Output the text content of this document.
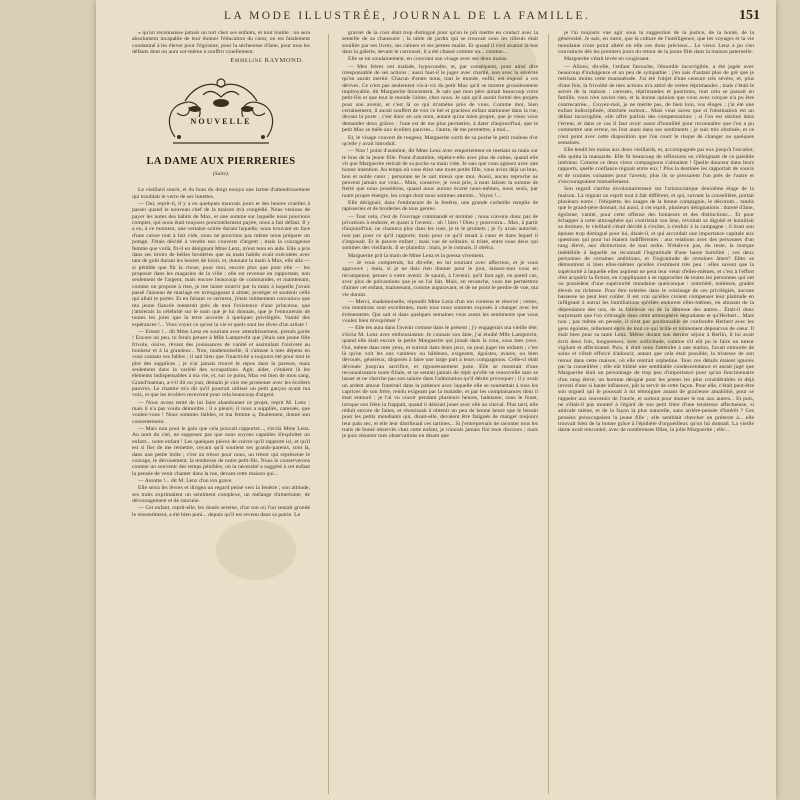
LA MODE ILLUSTRÉE, JOURNAL DE LA FAMILLE.	151

« qu'on reconnaisse jamais un tort chez ses enfants, et tout inutile : on sera absolument incapable de leur donner l'éducation du cœur, on est fatalement condamné à les élever pour l'égoïsme, pour la sécheresse d'âme, pour tous les défauts dont on aura soi-même à souffrir cruellement.

Emmeline RAYMOND.
NOUVELLE
LA DAME AUX PIERRERIES
(Suite).

Le vieillard sourit, et du bout du doigt essuya une larme d'attendrissement qui troublait le verre de ses lunettes.

— Oui, reprit-il, il y a eu quelques mauvais jours et des heures cruelles à passer quand le nouveau chef de la maison m'a congédié. Nous venions de payer les notes des habits de Max, et une somme sur laquelle nous pouvions compter, qui nous était toujours ponctuellement payée, nous a fait défaut. Il y a eu, à ce moment, une certaine soirée durant laquelle, nous trouvant en face d'une caisse tout à fait vide, nous ne pouvions pas même nous préparer un potage. J'étais décidé à vendre nos couverts d'argent ; mais la courageuse femme que voilà, fit-il en désignant Mme Lenz, m'eut tenu en aide. Elle a pris dans ses tiroirs de belles broderies que sa main habile avait exécutées avec tant de goût durant les heures de loisir, et, donnant la main à Max, elle alla — si pénible que fût la chose, pour moi, encore plus que pour elle — les proposer dans les magasins de la ville ; elle est revenue en rapportant, non seulement de l'argent, mais encore beaucoup de commandes, et maintenant, comme on propose à rien, je me laisse nourrir par la main à laquelle j'avais passé l'anneau de mariage en m'engageant à aimer, protéger et soutenir celle qui allait le porter. Et en faisant ce serment, j'étais intimement convaincu que ma jeune fiancée menerait près de moi l'existence d'une princesse, que j'attirerais la célébrité sur le nom que je lui donnais, que je l'entourerais de toutes les joies que la terre accorde à quelques privilégiés. Vanité des espérances !... Vous voyez ce qu'est la vie et quels sont les rêves d'un artiste !

— Ernest !... dit Mme Lenz en souriant avec attendrissement, prends garde ! Encore un peu, tu ferais penser à Mlle Lamprecht que j'étais une jeune fille frivole, oisive, rêvant des jouissances de vanité et assimilant l'oisiveté au bonheur et à la grandeur... Non, mademoiselle, il s'amuse à mes dépens en vous contant ces fables ; il sait bien que l'inactivité a toujours été pour moi le pire des supplices ; je n'ai jamais trouvé le repos dans la paresse, mais seulement dans la variété des occupations. Agir, aider, c'étaient là les éléments indispensables à ma vie, et, sur ce point, Max est bien de mon sang. Grand'maman, a-t-il dit ou jour, demain je vais me promener avec les écoliers pauvres. Le chantre m'a dit qu'il pourrait utiliser un petit garçon ayant ma voix, et que les écoliers recevront pour cela beaucoup d'argent.

— Nous avons tenté de lui faire abandonner ce projet, reprit M. Lenz ; mais il n'a pas voulu démordre ; il a pleuré, il nous a suppliés, caressés, que voulez-vous ! Nous sommes faibles, et ma femme a, finalement, donné son consentement.

— Mais non pour le gain que cela pouvait rapporter..., s'écria Mme Lenz. Au nom du ciel, ne supposez pas que nous soyons capables d'exploiter un enfant... notre enfant ! Les quelques pièces de cuivre qu'il rapporte ici, et qu'il est si fier de me remettre, ceyant qu'il soutient ses grands-parents, sont là, dans une petite boîte ; c'est un trésor pour nous, un trésor qui représente le courage, le dévouement, la tendresse de notre petit-fils. Nous le conserverons comme un souvenir des temps pénibles, où la nécessité a suggéré à cet enfant la pensée de venir chanter dans la rue, devant cette maison qui...

— Assotte !... dit M. Lenz d'un ton grave.

Elle serra les lèvres et dirigea un regard peiné vers la fenêtre ; son attitude, ses traits exprimaient un sentiment complexe, un mélange d'amertume, de découragement et de rancune.

— Cet enfant, reprit-elle, les doués sereine, d'un ton où l'on sentait grondé le ressentiment, a été bien puni... depuis qu'il est revenu dans sa patrie. Le

gravier de la cour était trop distingué pour qu'on le pût mettre en contact avec la semelle de sa chaussure ; la table de jardin qui se trouvait sous les tilleuls était souillée par ses livres, ses cahiers et ses petites mains. Et quand il s'est avancé là-bas dans la galerie, devant le carrousel, il a été chassé comme un... comme...

Elle se tut soudainement, en couvrant son visage avec ses deux mains.

— Mes frères ont malade, hypocondre, et, par conséquent, pour ainsi dire irresponsable de ses actions ; aussi faut-il le juger avec charité, non avec la sévérité qu'on aurait mérité. Chacun d'entre nous, tout le monde, enfin, est exposé à ces dérives. Ce n'est pas seulement vis-à-vis du petit Max qu'il se montre grossièrement impitoyable, dit Marguerite doucement. Je sais que mon père aimait beaucoup votre petit-fils et que tout le monde l'aime, chez nous. Je sais qu'il aurait formé des projets pour son avenir, et c'est là ce qui m'amène près de vous. Comme moi, bien certainement, il aurait souffert de voir ce bel et gracieux enfant stationner dans la rue, devant la porte ; c'est donc en son nom, autant qu'au mien propre, que je viens vous demander deux grâces : l'une est de me plus permettre, à dater d'aujourd'hui, que le petit Max se mêle aux écoliers pauvres... l'autre, de me permettre, à moi...

Et, le visage couvert de rougeur, Marguerite sortit de sa poche le petit rouleau d'or qu'elle y avait introduit.

— Non ! point d'aumône, dit Mme Lenz avec emportement en mettant sa main sur le bras de la jeune fille. Point d'aumône, répéta-t-elle avec plus de calme, quand elle vit que Marguerite retirait de sa poche sa main vide. Je sais que vous agissez avec une bonne intention. Au temps où vous étiez une toute petite fille, vous aviez déjà un bras, bon et noble cœur ; personne ne le sait mieux que moi. Aussi, aucun reproche ne peuvent jamais sur vous... Mais, conserve, je vous prie, à nous laisser la somme de fierté que nous possédons, quand nous aurons écarté nous-mêmes, nous seuls, par notre propre énergie, les coups dont nous sommes atteints... Voyez !...

Elle désignait, dans l'embrasure de la fenêtre, une grande corbeille remplie de tapisseries et de broderies de tous genres.

— Tout cela, c'est de l'ouvrage commandé et terminé ; nous n'avons donc pas de privations à endurer, et quant à l'avenir... oh ! bien ! Dieu y pourvoira... Max, à partir d'aujourd'hui, ne chantera plus dans les rues, je te le promets ; je l'y avais autorisé, non pas pour ce qu'il rapporte, mais pour ce qu'il tenait à cœur et dans lequel il s'imposait. Et le pauvre enfant ; mais vue de solitaire, si triste, entre nous deux qui sommes des vieillards. Il se plaindra : mais, je le connais, il obéira.

Marguerite prit la main de Mme Lenz et la pressa vivement.

— Je vous comprends, lui dit-elle, en lui souriant avec affection, et je vous approuve ; mais, si je ne dois rien donner pour le jour, laissez-moi vous en récompense, penser à votre avenir. Je saurai, à l'avenir, qu'il faut agir, en pareil cas, avec plus de précautions que je ne l'ai fait. Mais, en revanche, vous me permettrez d'aimer cet enfant, maintenant, comme auparavant, et de ne point le perdre de vue, ma vie durant.

— Merci, mademoiselle, répondit Mme Lenz d'un ton contenu et réservé ; certes, vos intentions sont excellentes, mais tous nous sommes exposés à changer avec les évènements. Qui sait si dans quelques semaines vous aurez les sentiments que vous voulez bien m'exprimer ?

— Elle les aura dans l'avenir comme dans le présent ; j'y engagerais ma vieille tête, s'écria M. Lenz avec enthousiasme. Je connais son âme, j'ai étudié Mlle Lamprecht, quand elle était encore la petite Marguerite qui jouait dans la cour, sous mes yeux. Oui, même dans mes yeux, et surtout dans leurs jeux, on peut juger les enfants ; c'est là qu'on voit les uns vaniteux ou hâbleurs, exigeants, égoïstes, avares, ou bien dévoués, généreux, disposés à faire une large part à leurs compagnons. Celle-ci était dévouée jusqu'au sacrifice, et rigoureusement juste. Elle se montrait d'une reconnaissance toute filiale, et ne sentait jamais de répit qu'elle ne renouvelle sans se lasser et ne cherche pas son salaire dans l'admiration qu'il désire provoquer ; il y avait un ardent amour fraternel dans la patience avec laquelle elle se soumettait à tous les caprices de son frère, rendu exigeant par la maladie, et par les complaisances dont il était entouré ; je l'ai vu courir pendant plusieurs heures, haletante, sous le fouet, lorsque son frère la frappait, quand il désirait jouer avec elle au cheval. Plus tard, elle réduit encore de faites, et réussissait à obtenir un peu de bonne heure que le besoin pour les petits mendiants qui, disait-elle, devaient être fatigués de manger toujours leur pain sec, et elle leur distribuait ces tartines... Si j'entreprenais de raconter tous les traits de bonté observés chez cette enfant, je n'aurais jamais fini mon discours ; mais je puis résumer mes observations en disant que

je l'ai toujours vue agir sous la suggestion de la justice, de la bonté, de la générosité. Je sais, en outre, que la culture de l'intelligence, que les voyages et la vie mondaine n'ont point altéré en elle ces dons précieux... Le vieux Lenz a pu s'en convaincre dès les premiers jours du retour de la jeune fille dans la maison paternelle.

Marguerite s'était levée en rougissant.

— Allons, dit-elle, l'enfant farouche, l'étourdie incorrigible, a été jugée avec beaucoup d'indulgence et un peu de sympathie ; j'en sais d'autant plus de gré que je méritais moins cette mansuétude. J'ai été l'objet d'une censure très sévère, et, plus d'une fois, la frivolité de mes actions m'a attiré de vertes réprimandes ; mais c'était le secret de la maison : caresses, réprimandes et punitions, tout cela se passait en famille, vous n'en saviez rien, et la bonne opinion que vous avez conçue n'a pu être contrecarrée... Croyez-moi, je ne mérite pas, de bien loin, vos éloges ; j'ai été une enfant indisciplinée, obstinée surtout... Mais vous savez que si l'obstination est un défaut incorrigible, elle offre parfois des compensations ; si l'on est obstiné dans l'erreur, et dans ce cas il faut avoir assez d'humilité pour reconnaître que l'on a pu commettre une erreur, on l'est aussi dans ses sentiments ; je suis très obstinée, et ce n'est point avec cette disposition que l'on court le risque de changer ou quelques semaines.

Elle tendit les mains aux deux vieillards, et, accompagnée par eux jusqu'à l'escalier, elle quitta la mansarde. Elle fit beaucoup de réflexions en s'éloignant de ce paisible intérieur. Comme ce deux vieux compagnons s'aimaient ! Quelle douceur dans leurs rapports, quelle confiance régnait entre eux ! Plus la destinée les rapportait de soucis et de craintes cuisantes pour l'avenir, plus ils se pressaient l'un près de l'autre et s'encourageaient mutuellement.

Son regard s'arrêta involontairement sur l'aristocratique deuxième étage de la maison. Là régnait un esprit tout à fait différent, et qui, suivant la conseillère, portait plusieurs noms : l'étiquette, les usages de la bonne compagnie, le décorum... tandis que le grand-père donnait, lui aussi, à cet esprit, plusieurs désignations : dureté d'âme, égoïsme, vanité, pour cette offense des honneurs et des distinctions... Et pour échapper à cette atmosphère qui contristait son âme, révoltait sa dignité et humiliait sa droiture, le vieillard s'était décidé à s'exiler, à s'enfuir à la campagne ; il tirait son épouse trop distingué pour lui, disait-il, et qui accordait une importance capitale aux questions qui pour lui étaient indifférentes : aux relations avec des personnes d'un rang élevé, aux distinctions de tout ordre. N'était-ce pas, du reste, la marque indélébile à laquelle on reconnaît l'ingratitude d'une basse humilité ; ces deux personnes de certaines ambitions, et l'ingratitude de certaines âmes? Elles se démontrent si bien elles-mêmes qu'elles s'estiment très peu : elles savent que la supériorité à laquelle elles aspirent ne peut leur venir d'elles-mêmes, et c'est à l'effort d'en acquérir la fiction, en s'appliquant à se rapprocher de toutes les personnes qui ont ou possèdent d'une supériorité mondaine quelconque : notoriété, noblesse, grades élevés ou richesse. Pour être tolérées dans le voisinage de ces privilégiés, aucune bassesse ne peut leur coûter. Il est vrai qu'elles croient compenser leur platitude en infligeant à autrui les humiliations qu'elles endurent elles-mêmes, en abusant de la dépendance des uns, de la faiblesse ou de la détresse des autres... Était-il donc surprenant que l'on s'étrangle dans cette atmosphère dégradante et qu'Herbert... Mais non ; pas même en pensée, il n'est pas pardonnable de confondre Herbert avec les gens égoïstes, tellement épris de tout ce qui brille et totalement dépourvus de cœur. Il était bien pour sa tante Lenz. Même durant son dernier séjour à Berlin, il lui avait écrit deux fois, longuement, avec sollicitude, comme s'il eût pu le faire un tuteur vigilant et affectionné. Puis, il était venu l'attendre à une station, l'avait entourée de soins et s'était efforcé d'adoucir, autant que cela était possible, la tristesse de son retour dans cette maison, où elle rentrait orpheline. Tous ces détails étaient ignorés par la conseillère ; elle eût blâmé une semblable condescendance et aurait jugé que Marguerite était un personnage de trop peu d'importance pour qu'un fonctionnaire d'un rang élevé, un homme désigné pour les postes les plus considérables et déjà investi d'une si haute influence, pût la servir de cette façon. Pour elle, c'était peut-être son orgueil qui le poussait à lui témoigner autant de gracieuse amabilité, pour se rappeler aux souvenirs de l'oncle, et surtout pour donner le ton aux autres... Et puis, ne s'était-il pas montré à l'égard de son petit frère d'une tendresse affectueuse, si amicale même, et de la façon la plus naturelle, sans arrière-pensée d'intérêt ? Ces pensées préoccupaient la jeune fille ; elle semblait chercher un prétexte à... elle trouvait bien de la bonne grâce à l'épithète d'orgueilleux qu'on lui donnait. La vieille dame avait rencontré, avec de nombreuses filles, la jolie Marguerite ; elle...
